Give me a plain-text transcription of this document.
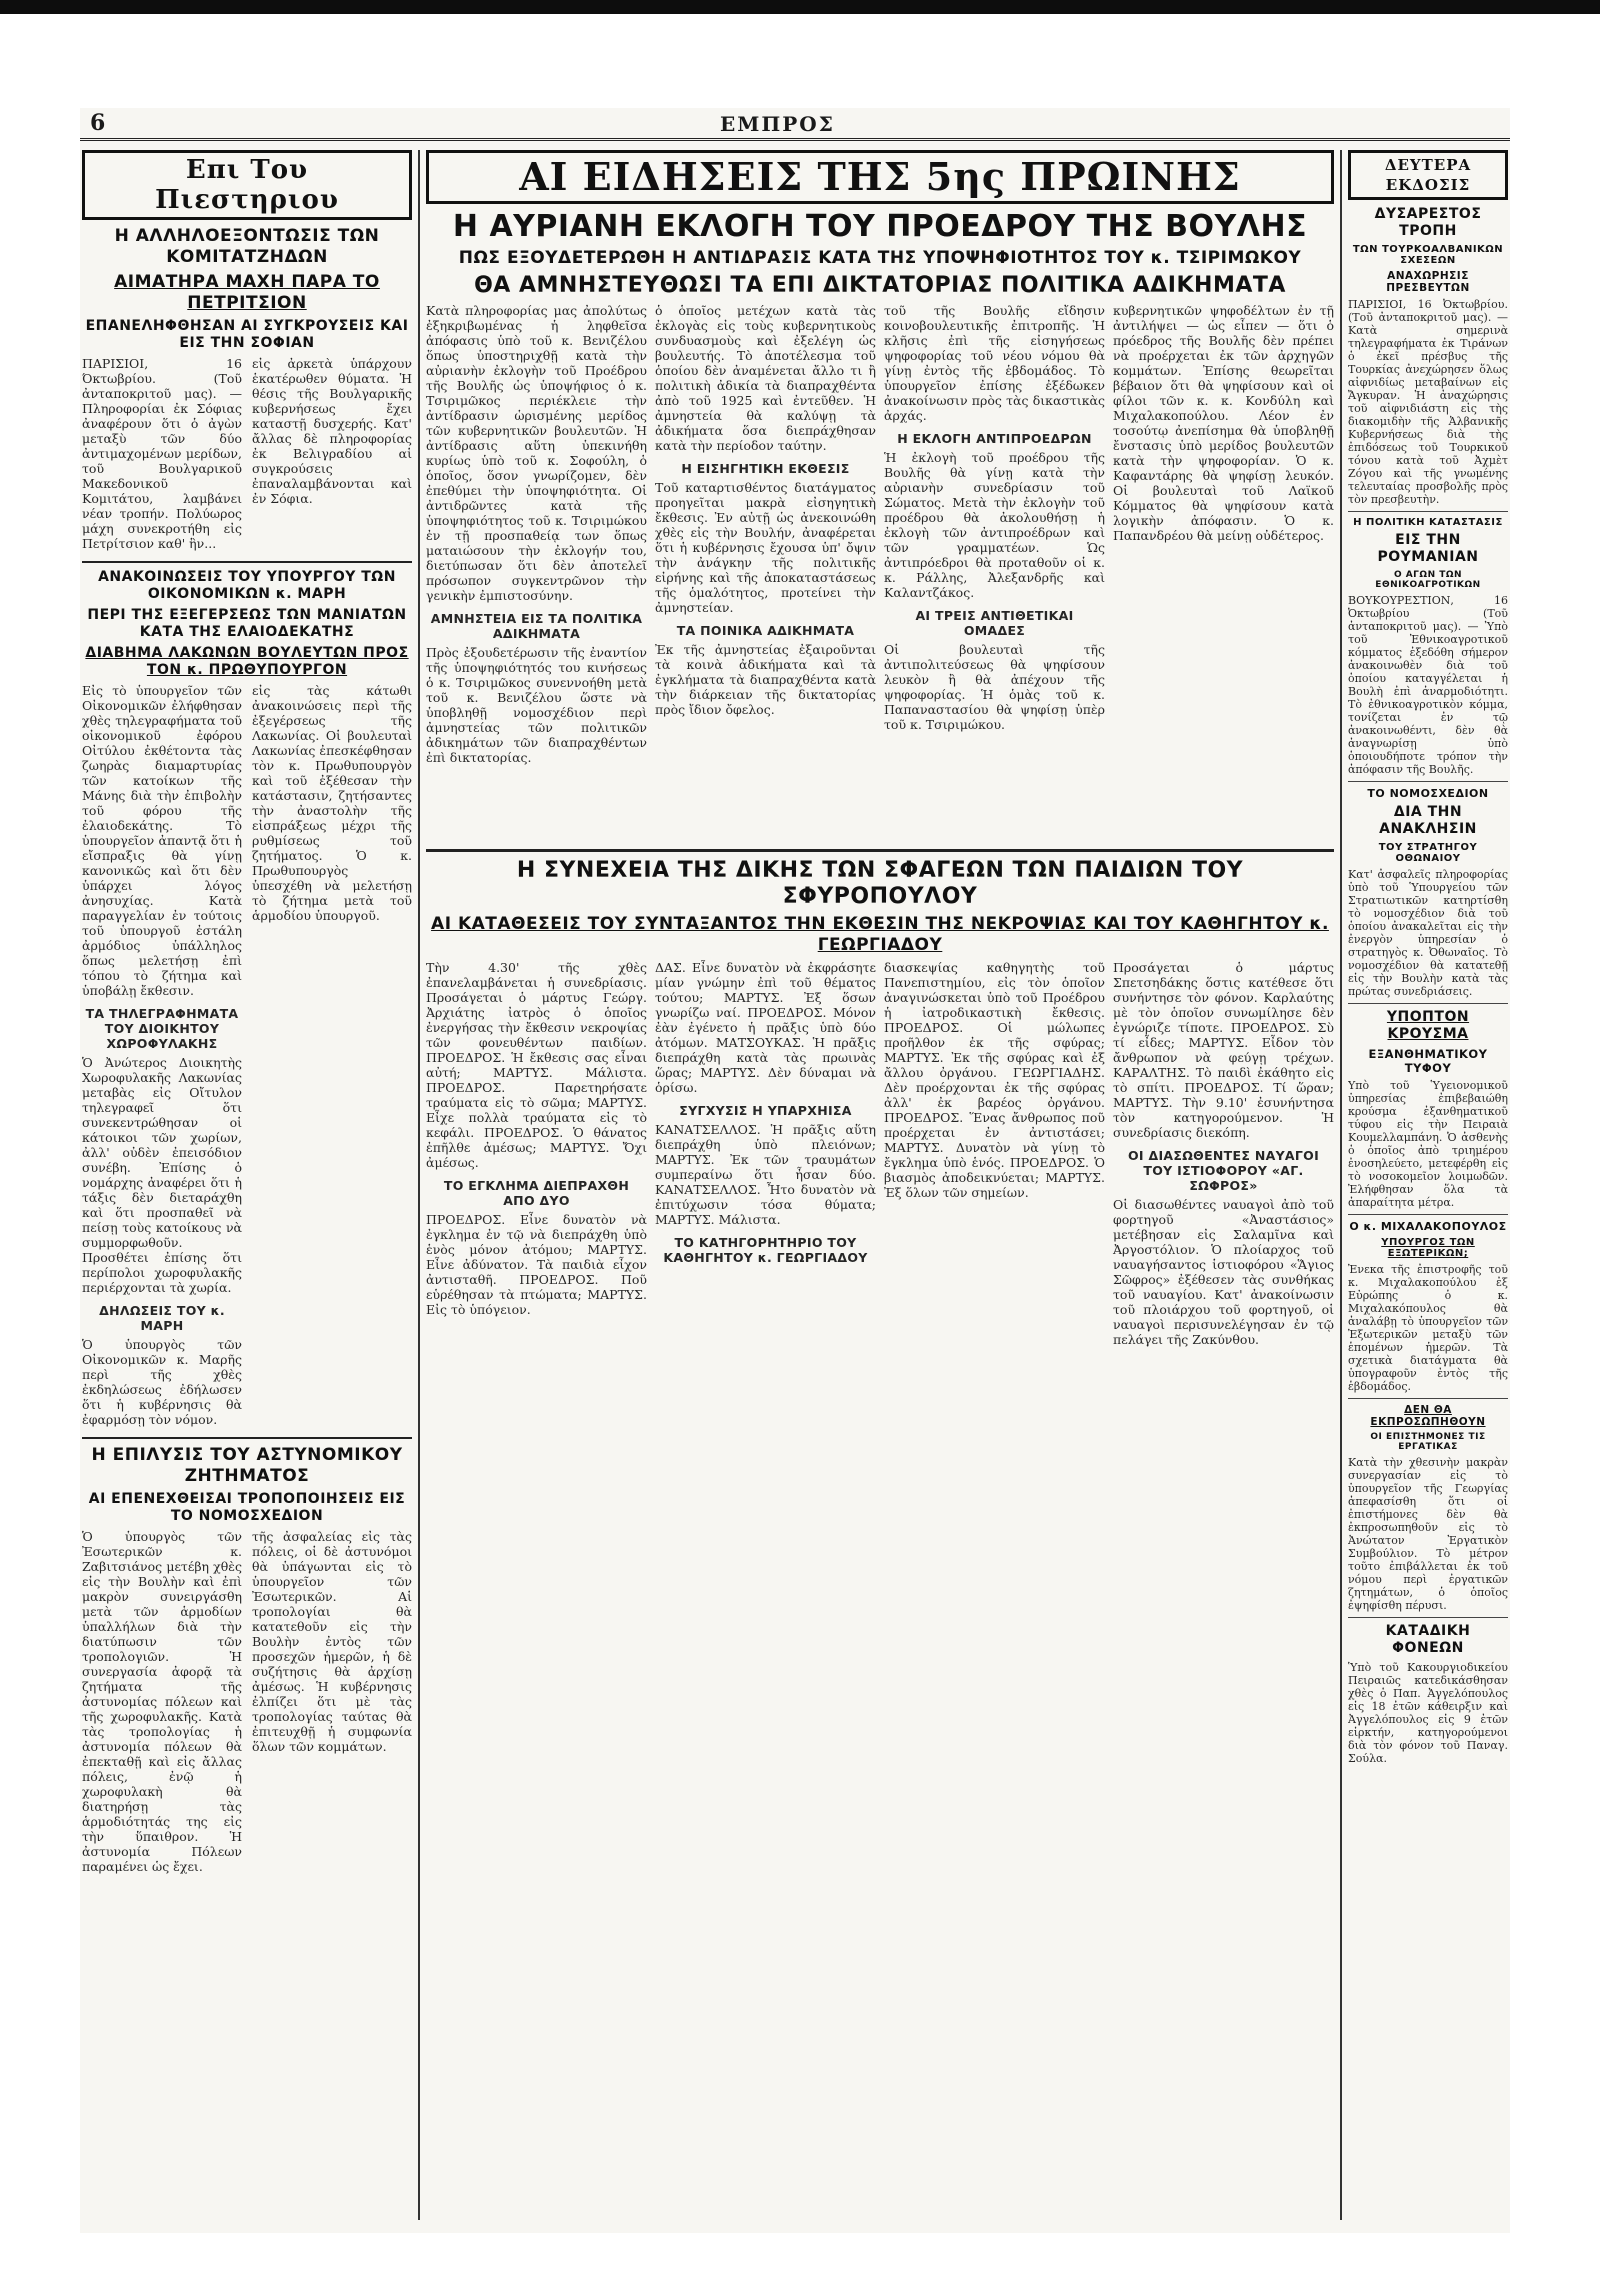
6	ΕΜΠΡΟΣ
Επι Του Πιεστηριου
Η ΑΛΛΗΛΟΕΞΟΝΤΩΣΙΣ ΤΩΝ ΚΟΜΙΤΑΤΖΗΔΩΝ
ΑΙΜΑΤΗΡΑ ΜΑΧΗ ΠΑΡΑ ΤΟ ΠΕΤΡΙΤΣΙΟΝ
ΕΠΑΝΕΛΗΦΘΗΣΑΝ ΑΙ ΣΥΓΚΡΟΥΣΕΙΣ ΚΑΙ ΕΙΣ ΤΗΝ ΣΟΦΙΑΝ

ΠΑΡΙΣΙΟΙ, 16 Όκτωβρίου. (Τοῦ ἀνταποκριτοῦ μας). — Πληροφορίαι ἐκ Σόφιας ἀναφέρουν ὅτι ὁ ἀγὼν μεταξὺ τῶν δύο ἀντιμαχομένων μερίδων, τοῦ Βουλγαρικοῦ Μακεδονικοῦ Κομιτάτου, λαμβάνει νέαν τροπήν. Πολύωρος μάχη συνεκροτήθη εἰς Πετρίτσιον καθ' ἣν...

εἰς ἀρκετὰ ὑπάρχουν ἑκατέρωθεν θύματα. Ἡ θέσις τῆς Βουλγαρικῆς κυβερνήσεως ἔχει καταστῇ δυσχερής. Κατ' ἄλλας δὲ πληροφορίας ἐκ Βελιγραδίου αἱ συγκρούσεις ἐπαναλαμβάνονται καὶ ἐν Σόφια.

ΑΝΑΚΟΙΝΩΣΕΙΣ ΤΟΥ ΥΠΟΥΡΓΟΥ ΤΩΝ ΟΙΚΟΝΟΜΙΚΩΝ κ. ΜΑΡΗ
ΠΕΡΙ ΤΗΣ ΕΞΕΓΕΡΣΕΩΣ ΤΩΝ ΜΑΝΙΑΤΩΝ ΚΑΤΑ ΤΗΣ ΕΛΑΙΟΔΕΚΑΤΗΣ
ΔΙΑΒΗΜΑ ΛΑΚΩΝΩΝ ΒΟΥΛΕΥΤΩΝ ΠΡΟΣ ΤΟΝ κ. ΠΡΩΘΥΠΟΥΡΓΟΝ

Εἰς τὸ ὑπουργεῖον τῶν Οἰκονομικῶν ἐλήφθησαν χθὲς τηλεγραφήματα τοῦ οἰκονομικοῦ ἐφόρου Οἰτύλου ἐκθέτοντα τὰς ζωηρὰς διαμαρτυρίας τῶν κατοίκων τῆς Μάνης διὰ τὴν ἐπιβολὴν τοῦ φόρου τῆς ἐλαιοδεκάτης. Τὸ ὑπουργεῖον ἀπαντᾷ ὅτι ἡ εἴσπραξις θὰ γίνῃ κανονικῶς καὶ ὅτι δὲν ὑπάρχει λόγος ἀνησυχίας. Κατὰ παραγγελίαν ἐν τούτοις τοῦ ὑπουργοῦ ἐστάλη ἀρμόδιος ὑπάλληλος ὅπως μελετήσῃ ἐπὶ τόπου τὸ ζήτημα καὶ ὑποβάλῃ ἔκθεσιν.

ΤΑ ΤΗΛΕΓΡΑΦΗΜΑΤΑ ΤΟΥ ΔΙΟΙΚΗΤΟΥ ΧΩΡΟΦΥΛΑΚΗΣ

Ὁ Ἀνώτερος Διοικητὴς Χωροφυλακῆς Λακωνίας μεταβὰς εἰς Οἴτυλον τηλεγραφεῖ ὅτι συνεκεντρώθησαν οἱ κάτοικοι τῶν χωρίων, ἀλλ' οὐδὲν ἐπεισόδιον συνέβη. Ἐπίσης ὁ νομάρχης ἀναφέρει ὅτι ἡ τάξις δὲν διεταράχθη καὶ ὅτι προσπαθεῖ νὰ πείσῃ τοὺς κατοίκους νὰ συμμορφωθοῦν. Προσθέτει ἐπίσης ὅτι περίπολοι χωροφυλακῆς περιέρχονται τὰ χωρία.

ΔΗΛΩΣΕΙΣ ΤΟΥ κ. ΜΑΡΗ

Ὁ ὑπουργὸς τῶν Οἰκονομικῶν κ. Μαρῆς περὶ τῆς χθὲς ἐκδηλώσεως ἐδήλωσεν ὅτι ἡ κυβέρνησις θὰ ἐφαρμόσῃ τὸν νόμον.

εἰς τὰς κάτωθι ἀνακοινώσεις περὶ τῆς ἐξεγέρσεως τῆς Λακωνίας. Οἱ βουλευταὶ Λακωνίας ἐπεσκέφθησαν τὸν κ. Πρωθυπουργὸν καὶ τοῦ ἐξέθεσαν τὴν κατάστασιν, ζητήσαντες τὴν ἀναστολὴν τῆς εἰσπράξεως μέχρι τῆς ρυθμίσεως τοῦ ζητήματος. Ὁ κ. Πρωθυπουργὸς ὑπεσχέθη νὰ μελετήσῃ τὸ ζήτημα μετὰ τοῦ ἁρμοδίου ὑπουργοῦ.

Η ΕΠΙΛΥΣΙΣ ΤΟΥ ΑΣΤΥΝΟΜΙΚΟΥ ΖΗΤΗΜΑΤΟΣ
ΑΙ ΕΠΕΝΕΧΘΕΙΣΑΙ ΤΡΟΠΟΠΟΙΗΣΕΙΣ ΕΙΣ ΤΟ ΝΟΜΟΣΧΕΔΙΟΝ

Ὁ ὑπουργὸς τῶν Ἐσωτερικῶν κ. Ζαβιτσιάνος μετέβη χθὲς εἰς τὴν Βουλὴν καὶ ἐπὶ μακρὸν συνειργάσθη μετὰ τῶν ἁρμοδίων ὑπαλλήλων διὰ τὴν διατύπωσιν τῶν τροπολογιῶν. Ἡ συνεργασία ἀφορᾷ τὰ ζητήματα τῆς ἀστυνομίας πόλεων καὶ τῆς χωροφυλακῆς. Κατὰ τὰς τροπολογίας ἡ ἀστυνομία πόλεων θὰ ἐπεκταθῇ καὶ εἰς ἄλλας πόλεις, ἐνῷ ἡ χωροφυλακὴ θὰ διατηρήσῃ τὰς ἁρμοδιότητάς της εἰς τὴν ὕπαιθρον. Ἡ ἀστυνομία Πόλεων παραμένει ὡς ἔχει.

τῆς ἀσφαλείας εἰς τὰς πόλεις, οἱ δὲ ἀστυνόμοι θὰ ὑπάγωνται εἰς τὸ ὑπουργεῖον τῶν Ἐσωτερικῶν. Αἱ τροπολογίαι θὰ κατατεθοῦν εἰς τὴν Βουλὴν ἐντὸς τῶν προσεχῶν ἡμερῶν, ἡ δὲ συζήτησις θὰ ἀρχίσῃ ἀμέσως. Ἡ κυβέρνησις ἐλπίζει ὅτι μὲ τὰς τροπολογίας ταύτας θὰ ἐπιτευχθῇ ἡ συμφωνία ὅλων τῶν κομμάτων.

ΑΙ ΕΙΔΗΣΕΙΣ ΤΗΣ 5ης ΠΡΩΙΝΗΣ
Η ΑΥΡΙΑΝΗ ΕΚΛΟΓΗ ΤΟΥ ΠΡΟΕΔΡΟΥ ΤΗΣ ΒΟΥΛΗΣ
ΠΩΣ ΕΞΟΥΔΕΤΕΡΩΘΗ Η ΑΝΤΙΔΡΑΣΙΣ ΚΑΤΑ ΤΗΣ ΥΠΟΨΗΦΙΟΤΗΤΟΣ ΤΟΥ κ. ΤΣΙΡΙΜΩΚΟΥ
ΘΑ ΑΜΝΗΣΤΕΥΘΩΣΙ ΤΑ ΕΠΙ ΔΙΚΤΑΤΟΡΙΑΣ ΠΟΛΙΤΙΚΑ ΑΔΙΚΗΜΑΤΑ

Κατὰ πληροφορίας μας ἀπολύτως ἐξηκριβωμένας ἡ ληφθεῖσα ἀπόφασις ὑπὸ τοῦ κ. Βενιζέλου ὅπως ὑποστηριχθῇ κατὰ τὴν αὐριανὴν ἐκλογὴν τοῦ Προέδρου τῆς Βουλῆς ὡς ὑποψήφιος ὁ κ. Τσιριμῶκος περιέκλειε τὴν ἀντίδρασιν ὡρισμένης μερίδος τῶν κυβερνητικῶν βουλευτῶν. Ἡ ἀντίδρασις αὕτη ὑπεκινήθη κυρίως ὑπὸ τοῦ κ. Σοφούλη, ὁ ὁποῖος, ὅσον γνωρίζομεν, δὲν ἐπεθύμει τὴν ὑποψηφιότητα. Οἱ ἀντιδρῶντες κατὰ τῆς ὑποψηφιότητος τοῦ κ. Τσιριμώκου ἐν τῇ προσπαθείᾳ των ὅπως ματαιώσουν τὴν ἐκλογήν του, διετύπωσαν ὅτι δὲν ἀποτελεῖ πρόσωπον συγκεντρῶνον τὴν γενικὴν ἐμπιστοσύνην.

ΑΜΝΗΣΤΕΙΑ ΕΙΣ ΤΑ ΠΟΛΙΤΙΚΑ ΑΔΙΚΗΜΑΤΑ

Πρὸς ἐξουδετέρωσιν τῆς ἐναντίον τῆς ὑποψηφιότητός του κινήσεως ὁ κ. Τσιριμῶκος συνεννοήθη μετὰ τοῦ κ. Βενιζέλου ὥστε νὰ ὑποβληθῇ νομοσχέδιον περὶ ἀμνηστείας τῶν πολιτικῶν ἀδικημάτων τῶν διαπραχθέντων ἐπὶ δικτατορίας.

ὁ ὁποῖος μετέχων κατὰ τὰς ἐκλογὰς εἰς τοὺς κυβερνητικοὺς συνδυασμοὺς καὶ ἐξελέγη ὡς βουλευτής. Τὸ ἀποτέλεσμα τοῦ ὁποίου δὲν ἀναμένεται ἄλλο τι ἢ πολιτικὴ ἀδικία τὰ διαπραχθέντα ἀπὸ τοῦ 1925 καὶ ἐντεῦθεν. Ἡ ἀμνηστεία θὰ καλύψῃ τὰ ἀδικήματα ὅσα διεπράχθησαν κατὰ τὴν περίοδον ταύτην.

Η ΕΙΣΗΓΗΤΙΚΗ ΕΚΘΕΣΙΣ

Τοῦ καταρτισθέντος διατάγματος προηγεῖται μακρὰ εἰσηγητικὴ ἔκθεσις. Ἐν αὐτῇ ὡς ἀνεκοινώθη χθὲς εἰς τὴν Βουλήν, ἀναφέρεται ὅτι ἡ κυβέρνησις ἔχουσα ὑπ' ὄψιν τὴν ἀνάγκην τῆς πολιτικῆς εἰρήνης καὶ τῆς ἀποκαταστάσεως τῆς ὁμαλότητος, προτείνει τὴν ἀμνηστείαν.

ΤΑ ΠΟΙΝΙΚΑ ΑΔΙΚΗΜΑΤΑ

Ἐκ τῆς ἀμνηστείας ἐξαιροῦνται τὰ κοινὰ ἀδικήματα καὶ τὰ ἐγκλήματα τὰ διαπραχθέντα κατὰ τὴν διάρκειαν τῆς δικτατορίας πρὸς ἴδιον ὄφελος.

τοῦ τῆς Βουλῆς εἴδησιν κοινοβουλευτικῆς ἐπιτροπῆς. Ἡ κλῆσις ἐπὶ τῆς εἰσηγήσεως ψηφοφορίας τοῦ νέου νόμου θὰ γίνῃ ἐντὸς τῆς ἑβδομάδος. Τὸ ὑπουργεῖον ἐπίσης ἐξέδωκεν ἀνακοίνωσιν πρὸς τὰς δικαστικὰς ἀρχάς.

Η ΕΚΛΟΓΗ ΑΝΤΙΠΡΟΕΔΡΩΝ

Ἡ ἐκλογὴ τοῦ προέδρου τῆς Βουλῆς θὰ γίνῃ κατὰ τὴν αὐριανὴν συνεδρίασιν τοῦ Σώματος. Μετὰ τὴν ἐκλογὴν τοῦ προέδρου θὰ ἀκολουθήσῃ ἡ ἐκλογὴ τῶν ἀντιπροέδρων καὶ τῶν γραμματέων. Ὡς ἀντιπρόεδροι θὰ προταθοῦν οἱ κ. κ. Ράλλης, Ἀλεξανδρῆς καὶ Καλαντζάκος.

ΑΙ ΤΡΕΙΣ ΑΝΤΙΘΕΤΙΚΑΙ ΟΜΑΔΕΣ

Οἱ βουλευταὶ τῆς ἀντιπολιτεύσεως θὰ ψηφίσουν λευκὸν ἢ θὰ ἀπέχουν τῆς ψηφοφορίας. Ἡ ὁμὰς τοῦ κ. Παπαναστασίου θὰ ψηφίσῃ ὑπὲρ τοῦ κ. Τσιριμώκου.

κυβερνητικῶν ψηφοδέλτων ἐν τῇ ἀντιλήψει — ὡς εἶπεν — ὅτι ὁ πρόεδρος τῆς Βουλῆς δὲν πρέπει νὰ προέρχεται ἐκ τῶν ἀρχηγῶν κομμάτων. Ἐπίσης θεωρεῖται βέβαιον ὅτι θὰ ψηφίσουν καὶ οἱ φίλοι τῶν κ. κ. Κονδύλη καὶ Μιχαλακοπούλου. Λέον ἐν τοσούτῳ ἀνεπίσημα θὰ ὑποβληθῇ ἔνστασις ὑπὸ μερίδος βουλευτῶν κατὰ τὴν ψηφοφορίαν. Ὁ κ. Καφαντάρης θὰ ψηφίσῃ λευκόν. Οἱ βουλευταὶ τοῦ Λαϊκοῦ Κόμματος θὰ ψηφίσουν κατὰ λογικὴν ἀπόφασιν. Ὁ κ. Παπανδρέου θὰ μείνῃ οὐδέτερος.

Η ΣΥΝΕΧΕΙΑ ΤΗΣ ΔΙΚΗΣ ΤΩΝ ΣΦΑΓΕΩΝ ΤΩΝ ΠΑΙΔΙΩΝ ΤΟΥ ΣΦΥΡΟΠΟΥΛΟΥ
ΑΙ ΚΑΤΑΘΕΣΕΙΣ ΤΟΥ ΣΥΝΤΑΞΑΝΤΟΣ ΤΗΝ ΕΚΘΕΣΙΝ ΤΗΣ ΝΕΚΡΟΨΙΑΣ ΚΑΙ ΤΟΥ ΚΑΘΗΓΗΤΟΥ κ. ΓΕΩΡΓΙΑΔΟΥ

Τὴν 4.30' τῆς χθὲς ἐπανελαμβάνεται ἡ συνεδρίασις. Προσάγεται ὁ μάρτυς Γεώργ. Ἀρχιάτης ἰατρὸς ὁ ὁποῖος ἐνεργήσας τὴν ἔκθεσιν νεκροψίας τῶν φονευθέντων παιδίων. ΠΡΟΕΔΡΟΣ. Ἡ ἔκθεσις σας εἶναι αὐτή; ΜΑΡΤΥΣ. Μάλιστα. ΠΡΟΕΔΡΟΣ. Παρετηρήσατε τραύματα εἰς τὸ σῶμα; ΜΑΡΤΥΣ. Εἶχε πολλὰ τραύματα εἰς τὸ κεφάλι. ΠΡΟΕΔΡΟΣ. Ὁ θάνατος ἐπῆλθε ἀμέσως; ΜΑΡΤΥΣ. Ὄχι ἀμέσως.

ΤΟ ΕΓΚΛΗΜΑ ΔΙΕΠΡΑΧΘΗ ΑΠΟ ΔΥΟ

ΠΡΟΕΔΡΟΣ. Εἶνε δυνατὸν νὰ ἐγκλημα ἐν τῷ νὰ διεπράχθη ὑπὸ ἑνὸς μόνον ἀτόμου; ΜΑΡΤΥΣ. Εἶνε ἀδύνατον. Τὰ παιδιὰ εἶχον ἀντισταθῆ. ΠΡΟΕΔΡΟΣ. Ποῦ εὑρέθησαν τὰ πτώματα; ΜΑΡΤΥΣ. Εἰς τὸ ὑπόγειον.

ΔΑΣ. Εἶνε δυνατὸν νὰ ἐκφράσητε μίαν γνώμην ἐπὶ τοῦ θέματος τούτου; ΜΑΡΤΥΣ. Ἐξ ὅσων γνωρίζω ναί. ΠΡΟΕΔΡΟΣ. Μόνον ἐὰν ἐγένετο ἡ πρᾶξις ὑπὸ δύο ἀτόμων. ΜΑΤΣΟΥΚΑΣ. Ἡ πρᾶξις διεπράχθη κατὰ τὰς πρωινὰς ὥρας; ΜΑΡΤΥΣ. Δὲν δύναμαι νὰ ὁρίσω.

ΣΥΓΧΥΣΙΣ Η ΥΠΑΡΧΗΙΣΑ

ΚΑΝΑΤΣΕΛΛΟΣ. Ἡ πρᾶξις αὕτη διεπράχθη ὑπὸ πλειόνων; ΜΑΡΤΥΣ. Ἐκ τῶν τραυμάτων συμπεραίνω ὅτι ἦσαν δύο. ΚΑΝΑΤΣΕΛΛΟΣ. Ἦτο δυνατὸν νὰ ἐπιτύχωσιν τόσα θύματα; ΜΑΡΤΥΣ. Μάλιστα.

ΤΟ ΚΑΤΗΓΟΡΗΤΗΡΙΟ ΤΟΥ ΚΑΘΗΓΗΤΟΥ κ. ΓΕΩΡΓΙΑΔΟΥ

διασκεψίας καθηγητὴς τοῦ Πανεπιστημίου, εἰς τὸν ὁποῖον ἀναγινώσκεται ὑπὸ τοῦ Προέδρου ἡ ἰατροδικαστικὴ ἔκθεσις. ΠΡΟΕΔΡΟΣ. Οἱ μώλωπες προῆλθον ἐκ τῆς σφύρας; ΜΑΡΤΥΣ. Ἐκ τῆς σφύρας καὶ ἐξ ἄλλου ὀργάνου. ΓΕΩΡΓΙΑΔΗΣ. Δὲν προέρχονται ἐκ τῆς σφύρας ἀλλ' ἐκ βαρέος ὀργάνου. ΠΡΟΕΔΡΟΣ. Ἕνας ἄνθρωπος ποῦ προέρχεται ἐν ἀντιστάσει; ΜΑΡΤΥΣ. Δυνατὸν νὰ γίνῃ τὸ ἔγκλημα ὑπὸ ἑνός. ΠΡΟΕΔΡΟΣ. Ὁ βιασμὸς ἀποδεικνύεται; ΜΑΡΤΥΣ. Ἐξ ὅλων τῶν σημείων.

Προσάγεται ὁ μάρτυς Σπετσηδάκης ὅστις κατέθεσε ὅτι συνήντησε τὸν φόνον. Καρλαύτης μὲ τὸν ὁποῖον συνωμίλησε δὲν ἐγνώριζε τίποτε. ΠΡΟΕΔΡΟΣ. Σὺ τί εἶδες; ΜΑΡΤΥΣ. Εἶδον τὸν ἄνθρωπον νὰ φεύγῃ τρέχων. ΚΑΡΑΛΤΗΣ. Τὸ παιδὶ ἐκάθητο εἰς τὸ σπίτι. ΠΡΟΕΔΡΟΣ. Τί ὥραν; ΜΑΡΤΥΣ. Τὴν 9.10' ἐσυνήντησα τὸν κατηγορούμενον. Ἡ συνεδρίασις διεκόπη.

ΟΙ ΔΙΑΣΩΘΕΝΤΕΣ ΝΑΥΑΓΟΙ ΤΟΥ ΙΣΤΙΟΦΟΡΟΥ «ΑΓ. ΣΩΦΡΟΣ»

Οἱ διασωθέντες ναυαγοὶ ἀπὸ τοῦ φορτηγοῦ «Ἀναστάσιος» μετέβησαν εἰς Σαλαμῖνα καὶ Ἀργοστόλιον. Ὁ πλοίαρχος τοῦ ναυαγήσαντος ἱστιοφόρου «Ἅγιος Σῶφρος» ἐξέθεσεν τὰς συνθήκας τοῦ ναυαγίου. Κατ' ἀνακοίνωσιν τοῦ πλοιάρχου τοῦ φορτηγοῦ, οἱ ναυαγοὶ περισυνελέγησαν ἐν τῷ πελάγει τῆς Ζακύνθου.

ΔΕΥΤΕΡΑ ΕΚΔΟΣΙΣ
ΔΥΣΑΡΕΣΤΟΣ ΤΡΟΠΗ
ΤΩΝ ΤΟΥΡΚΟΑΛΒΑΝΙΚΩΝ ΣΧΕΣΕΩΝ
ΑΝΑΧΩΡΗΣΙΣ ΠΡΕΣΒΕΥΤΩΝ

ΠΑΡΙΣΙΟΙ, 16 Ὀκτωβρίου. (Τοῦ ἀνταποκριτοῦ μας). — Κατὰ σημερινὰ τηλεγραφήματα ἐκ Τιράνων ὁ ἐκεῖ πρέσβυς τῆς Τουρκίας ἀνεχώρησεν ὅλως αἰφνιδίως μεταβαίνων εἰς Ἄγκυραν. Ἡ ἀναχώρησις τοῦ αἰφνιδιάστη εἰς τὴς διακομιδὴν τῆς Ἀλβανικῆς Κυβερνήσεως διὰ τὴς ἐπιδόσεως τοῦ Τουρκικοῦ τόνου κατὰ τοῦ Ἀχμὲτ Ζόγου καὶ τῆς γνωμένης τελευταίας προσβολῆς πρὸς τὸν πρεσβευτὴν.

Η ΠΟΛΙΤΙΚΗ ΚΑΤΑΣΤΑΣΙΣ
ΕΙΣ ΤΗΝ ΡΟΥΜΑΝΙΑΝ
Ο ΑΓΩΝ ΤΩΝ ΕΘΝΙΚΟΑΓΡΟΤΙΚΩΝ

ΒΟΥΚΟΥΡΕΣΤΙΟΝ, 16 Ὀκτωβρίου (Τοῦ ἀνταποκριτοῦ μας). — Ὑπὸ τοῦ Ἐθνικοαγροτικοῦ κόμματος ἐξεδόθη σήμερον ἀνακοινωθὲν διὰ τοῦ ὁποίου καταγγέλεται ἡ Βουλὴ ἐπὶ ἀναρμοδιότητι. Τὸ ἐθνικοαγροτικὸν κόμμα, τονίζεται ἐν τῷ ἀνακοινωθέντι, δὲν θὰ ἀναγνωρίσῃ ὑπὸ ὁποιουδήποτε τρόπον τὴν ἀπόφασιν τῆς Βουλῆς.

ΤΟ ΝΟΜΟΣΧΕΔΙΟΝ
ΔΙΑ ΤΗΝ ΑΝΑΚΛΗΣΙΝ
ΤΟΥ ΣΤΡΑΤΗΓΟΥ ΟΘΩΝΑΙΟΥ

Κατ' ἀσφαλεῖς πληροφορίας ὑπὸ τοῦ Ὑπουργείου τῶν Στρατιωτικῶν κατηρτίσθη τὸ νομοσχέδιον διὰ τοῦ ὁποίου ἀνακαλεῖται εἰς τὴν ἐνεργὸν ὑπηρεσίαν ὁ στρατηγὸς κ. Ὀθωναῖος. Τὸ νομοσχέδιον θὰ κατατεθῇ εἰς τὴν Βουλὴν κατὰ τὰς πρώτας συνεδριάσεις.

ΥΠΟΠΤΟΝ ΚΡΟΥΣΜΑ
ΕΞΑΝΘΗΜΑΤΙΚΟΥ ΤΥΦΟΥ

Υπὸ τοῦ Ὑγειονομικοῦ ὑπηρεσίας ἐπιβεβαιώθη κρούσμα ἐξανθηματικοῦ τύφου εἰς τὴν Πειραιὰ Κουμελλαμπάνη. Ὁ ἀσθενὴς ὁ ὁποῖος ἀπὸ τριημέρου ἐνοσηλεύετο, μετεφέρθη εἰς τὸ νοσοκομεῖον λοιμωδῶν. Ἐλήφθησαν ὅλα τὰ ἀπαραίτητα μέτρα.

Ο κ. ΜΙΧΑΛΑΚΟΠΟΥΛΟΣ
ΥΠΟΥΡΓΟΣ ΤΩΝ ΕΞΩΤΕΡΙΚΩΝ;

Ἐνεκα τῆς ἐπιστροφῆς τοῦ κ. Μιχαλακοπούλου ἐξ Εὐρώπης ὁ κ. Μιχαλακόπουλος θὰ ἀναλάβῃ τὸ ὑπουργεῖον τῶν Ἐξωτερικῶν μεταξὺ τῶν ἑπομένων ἡμερῶν. Τὰ σχετικὰ διατάγματα θὰ ὑπογραφοῦν ἐντὸς τῆς ἑβδομάδος.

ΔΕΝ ΘΑ ΕΚΠΡΟΣΩΠΗΘΟΥΝ
ΟΙ ΕΠΙΣΤΗΜΟΝΕΣ ΤΙΣ ΕΡΓΑΤΙΚΑΣ

Κατὰ τὴν χθεσινὴν μακρὰν συνεργασίαν εἰς τὸ ὑπουργεῖον τῆς Γεωργίας ἀπεφασίσθη ὅτι οἱ ἐπιστήμονες δὲν θὰ ἐκπροσωπηθοῦν εἰς τὸ Ἀνώτατον Ἐργατικὸν Συμβούλιον. Τὸ μέτρον τοῦτο ἐπιβάλλεται ἐκ τοῦ νόμου περὶ ἐργατικῶν ζητημάτων, ὁ ὁποῖος ἐψηφίσθη πέρυσι.

ΚΑΤΑΔΙΚΗ ΦΟΝΕΩΝ

Ὑπὸ τοῦ Κακουργιοδικείου Πειραιῶς κατεδικάσθησαν χθὲς ὁ Παπ. Ἀγγελόπουλος εἰς 18 ἐτῶν κάθειρξιν καὶ Ἀγγελόπουλος εἰς 9 ἐτῶν εἱρκτήν, κατηγορούμενοι διὰ τὸν φόνον τοῦ Παναγ. Σούλα.
